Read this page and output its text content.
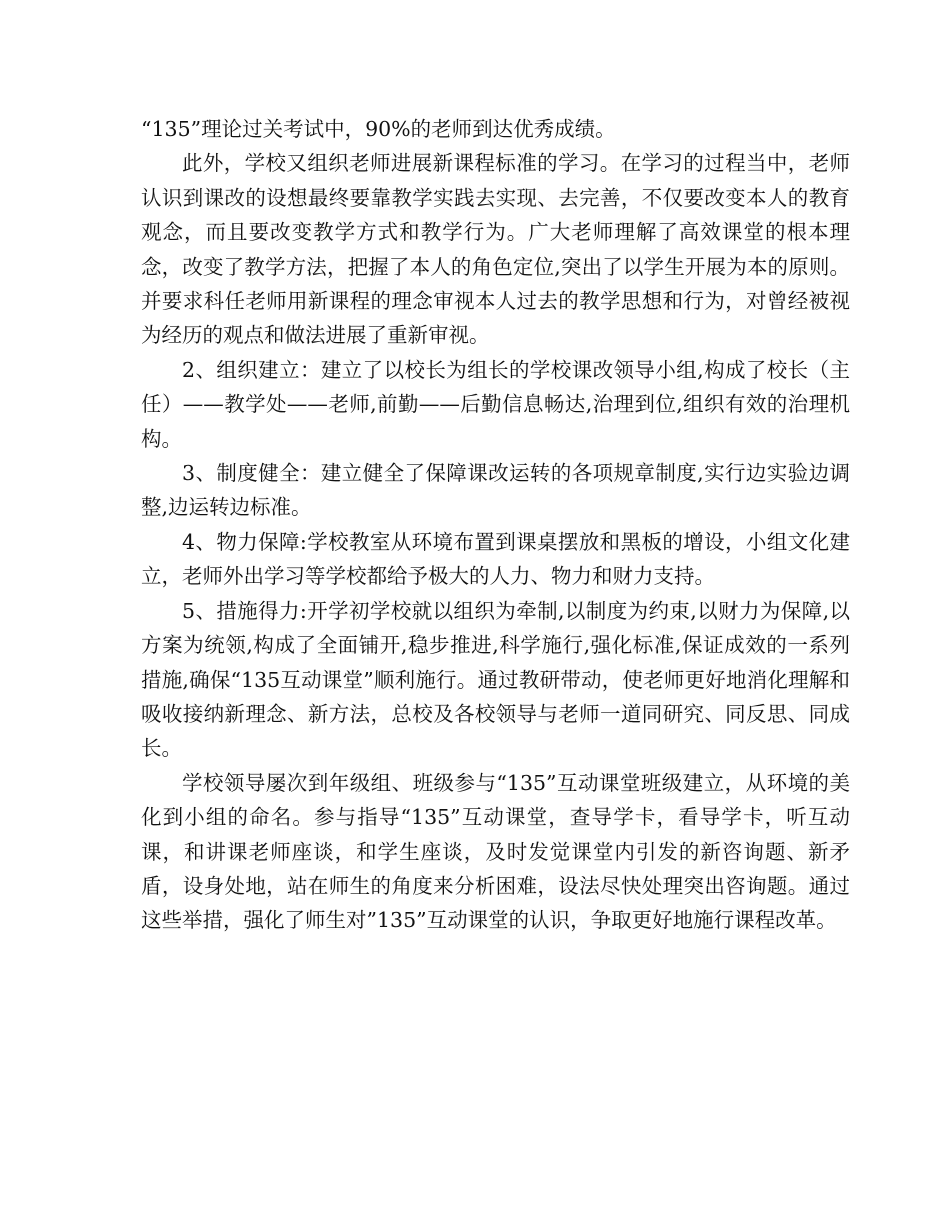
“135”理论过关考试中，90%的老师到达优秀成绩。

此外，学校又组织老师进展新课程标准的学习。在学习的过程当中，老师认识到课改的设想最终要靠教学实践去实现、去完善，不仅要改变本人的教育观念，而且要改变教学方式和教学行为。广大老师理解了高效课堂的根本理念，改变了教学方法，把握了本人的角色定位,突出了以学生开展为本的原则。并要求科任老师用新课程的理念审视本人过去的教学思想和行为，对曾经被视为经历的观点和做法进展了重新审视。

2、组织建立：建立了以校长为组长的学校课改领导小组,构成了校长（主任）——教学处——老师,前勤——后勤信息畅达,治理到位,组织有效的治理机构。

3、制度健全：建立健全了保障课改运转的各项规章制度,实行边实验边调整,边运转边标准。

4、物力保障:学校教室从环境布置到课桌摆放和黑板的增设，小组文化建立，老师外出学习等学校都给予极大的人力、物力和财力支持。

5、措施得力:开学初学校就以组织为牵制,以制度为约束,以财力为保障,以方案为统领,构成了全面铺开,稳步推进,科学施行,强化标准,保证成效的一系列措施,确保“135互动课堂”顺利施行。通过教研带动，使老师更好地消化理解和吸收接纳新理念、新方法，总校及各校领导与老师一道同研究、同反思、同成长。

学校领导屡次到年级组、班级参与“135”互动课堂班级建立，从环境的美化到小组的命名。参与指导“135”互动课堂，查导学卡，看导学卡，听互动课，和讲课老师座谈，和学生座谈，及时发觉课堂内引发的新咨询题、新矛盾，设身处地，站在师生的角度来分析困难，设法尽快处理突出咨询题。通过这些举措，强化了师生对”135”互动课堂的认识，争取更好地施行课程改革。
